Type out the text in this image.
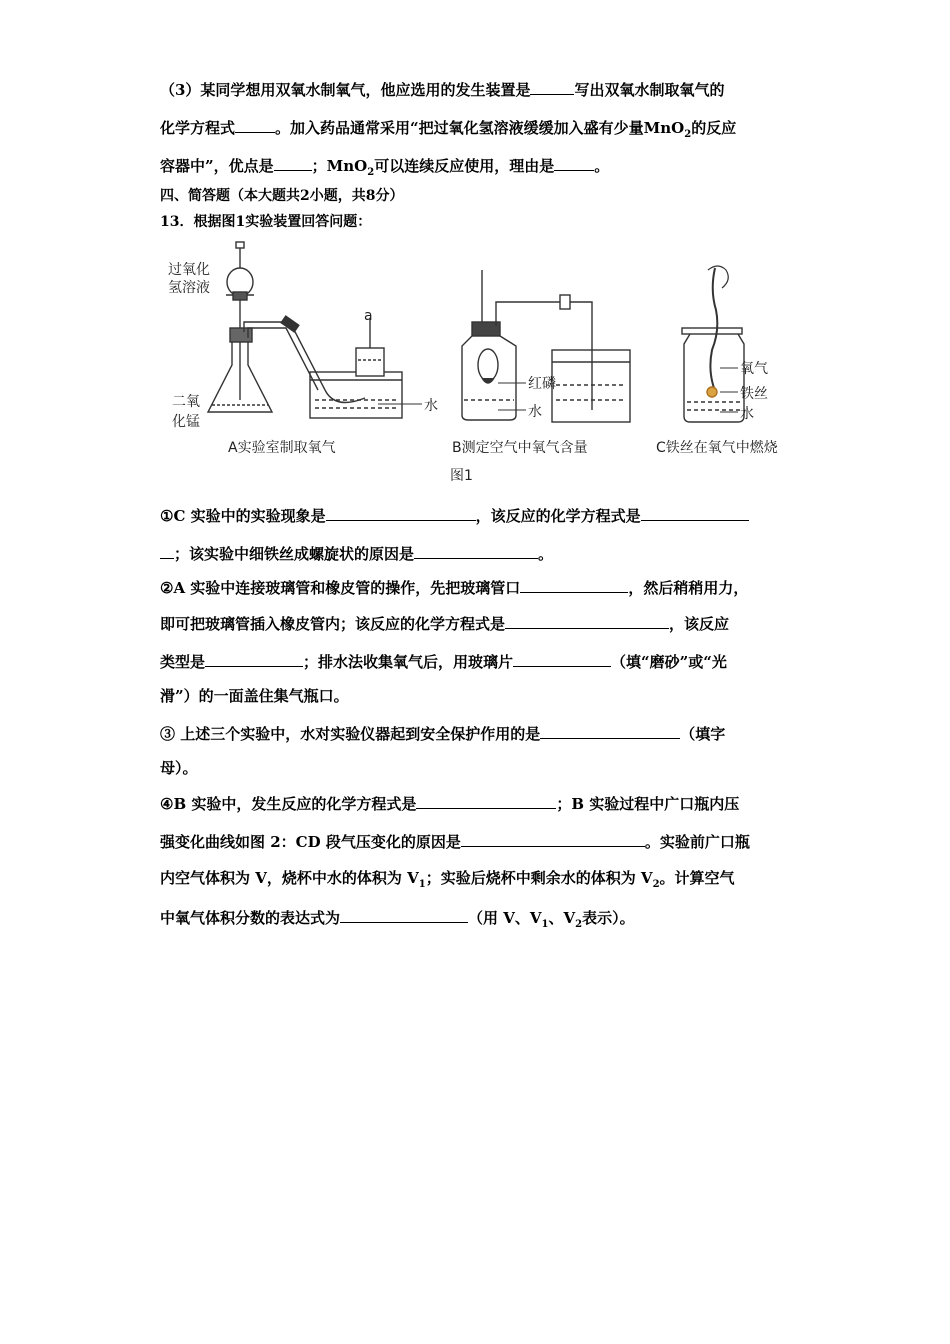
（3）某同学想用双氧水制氧气，他应选用的发生装置是	写出双氧水制取氧气的
化学方程式	。加入药品通常采用“把过氧化氢溶液缓缓加入盛有少量MnO$_2$的反应
容器中”，优点是	；MnO$_2$可以连续反应使用，理由是	。
四、简答题（本大题共2小题，共8分）
13．根据图1实验装置回答问题：
过氧化
氢溶液
二氧
化锰
a
水
A实验室制取氧气
红磷
水
B测定空气中氧气含量
氧气
铁丝
水
C铁丝在氧气中燃烧
图1
①C 实验中的实验现象是	，该反应的化学方程式是
；该实验中细铁丝成螺旋状的原因是	。
②A 实验中连接玻璃管和橡皮管的操作，先把玻璃管口	，然后稍稍用力，
即可把玻璃管插入橡皮管内；该反应的化学方程式是	，该反应
类型是	；排水法收集氧气后，用玻璃片	（填“磨砂”或“光
滑”）的一面盖住集气瓶口。
③ 上述三个实验中，水对实验仪器起到安全保护作用的是	（填字
母）。
④B 实验中，发生反应的化学方程式是	；B 实验过程中广口瓶内压
强变化曲线如图 2：CD 段气压变化的原因是	。实验前广口瓶
内空气体积为 V，烧杯中水的体积为 $V_1$；实验后烧杯中剩余水的体积为 $V_2$。计算空气
中氧气体积分数的表达式为	（用 V、$V_1$、$V_2$表示）。
